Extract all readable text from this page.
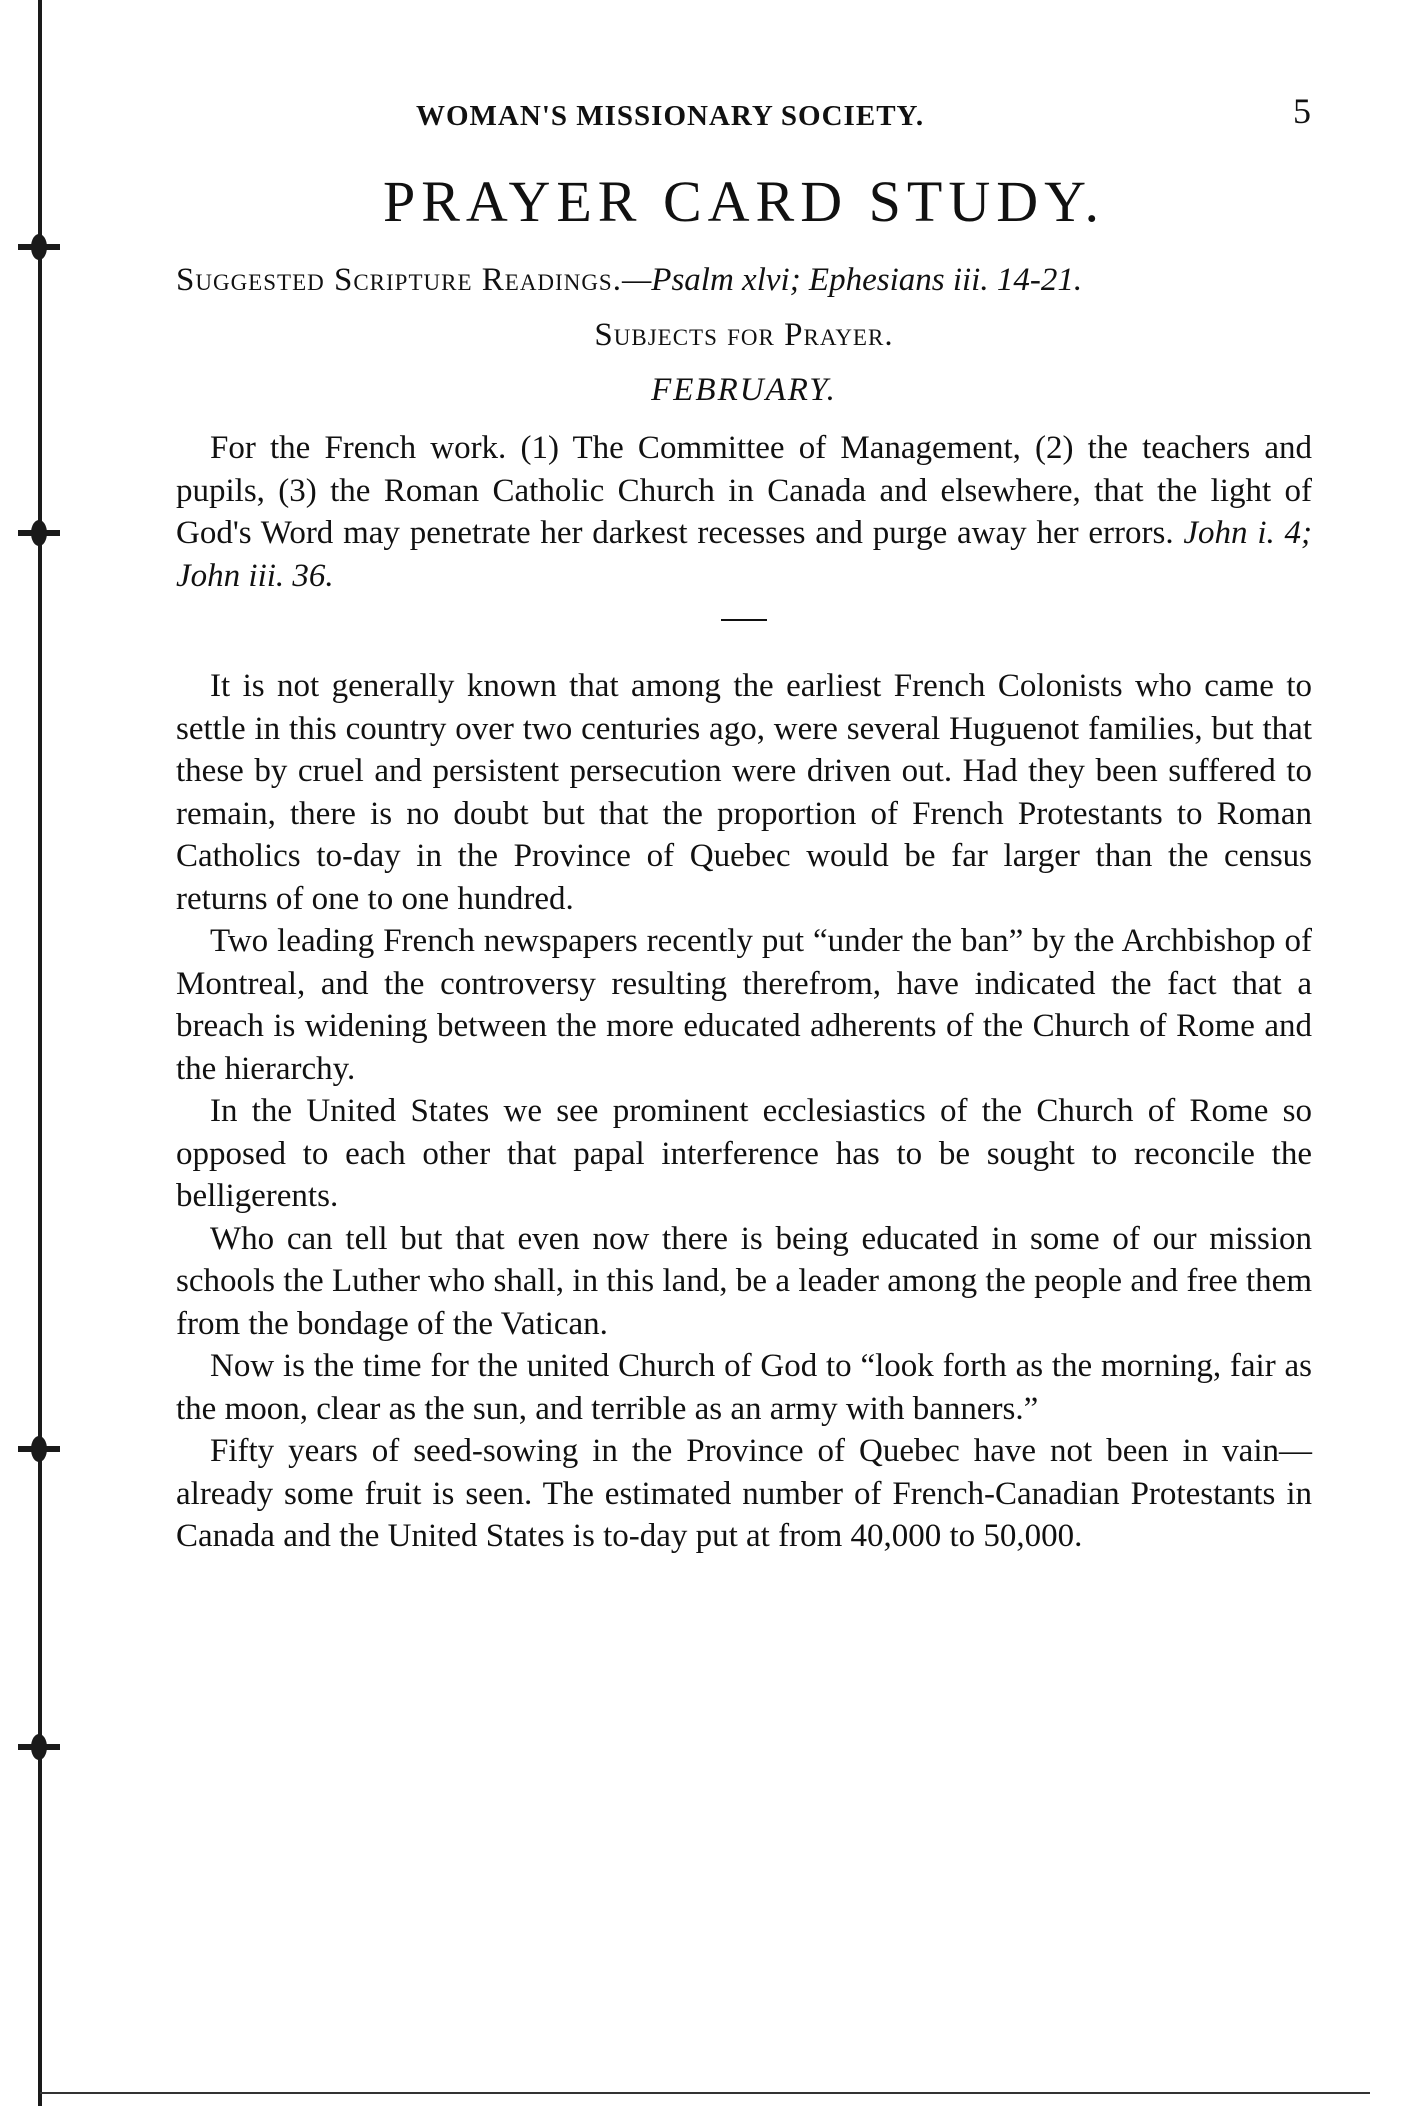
WOMAN'S MISSIONARY SOCIETY.	5
PRAYER CARD STUDY.

Suggested Scripture Readings.—Psalm xlvi; Ephesians iii. 14-21.

Subjects for Prayer.
FEBRUARY.

For the French work. (1) The Committee of Management, (2) the teachers and pupils, (3) the Roman Catholic Church in Canada and elsewhere, that the light of God's Word may penetrate her darkest recesses and purge away her errors. John i. 4; John iii. 36.

It is not generally known that among the earliest French Colonists who came to settle in this country over two centuries ago, were several Huguenot families, but that these by cruel and persistent persecution were driven out. Had they been suffered to remain, there is no doubt but that the proportion of French Protestants to Roman Catholics to-day in the Province of Quebec would be far larger than the census returns of one to one hundred.

Two leading French newspapers recently put “under the ban” by the Archbishop of Montreal, and the controversy resulting therefrom, have indicated the fact that a breach is widening between the more educated adherents of the Church of Rome and the hierarchy.

In the United States we see prominent ecclesiastics of the Church of Rome so opposed to each other that papal interference has to be sought to reconcile the belligerents.

Who can tell but that even now there is being educated in some of our mission schools the Luther who shall, in this land, be a leader among the people and free them from the bondage of the Vatican.

Now is the time for the united Church of God to “look forth as the morning, fair as the moon, clear as the sun, and terrible as an army with banners.”

Fifty years of seed-sowing in the Province of Quebec have not been in vain—already some fruit is seen. The estimated number of French-Canadian Protestants in Canada and the United States is to-day put at from 40,000 to 50,000.
